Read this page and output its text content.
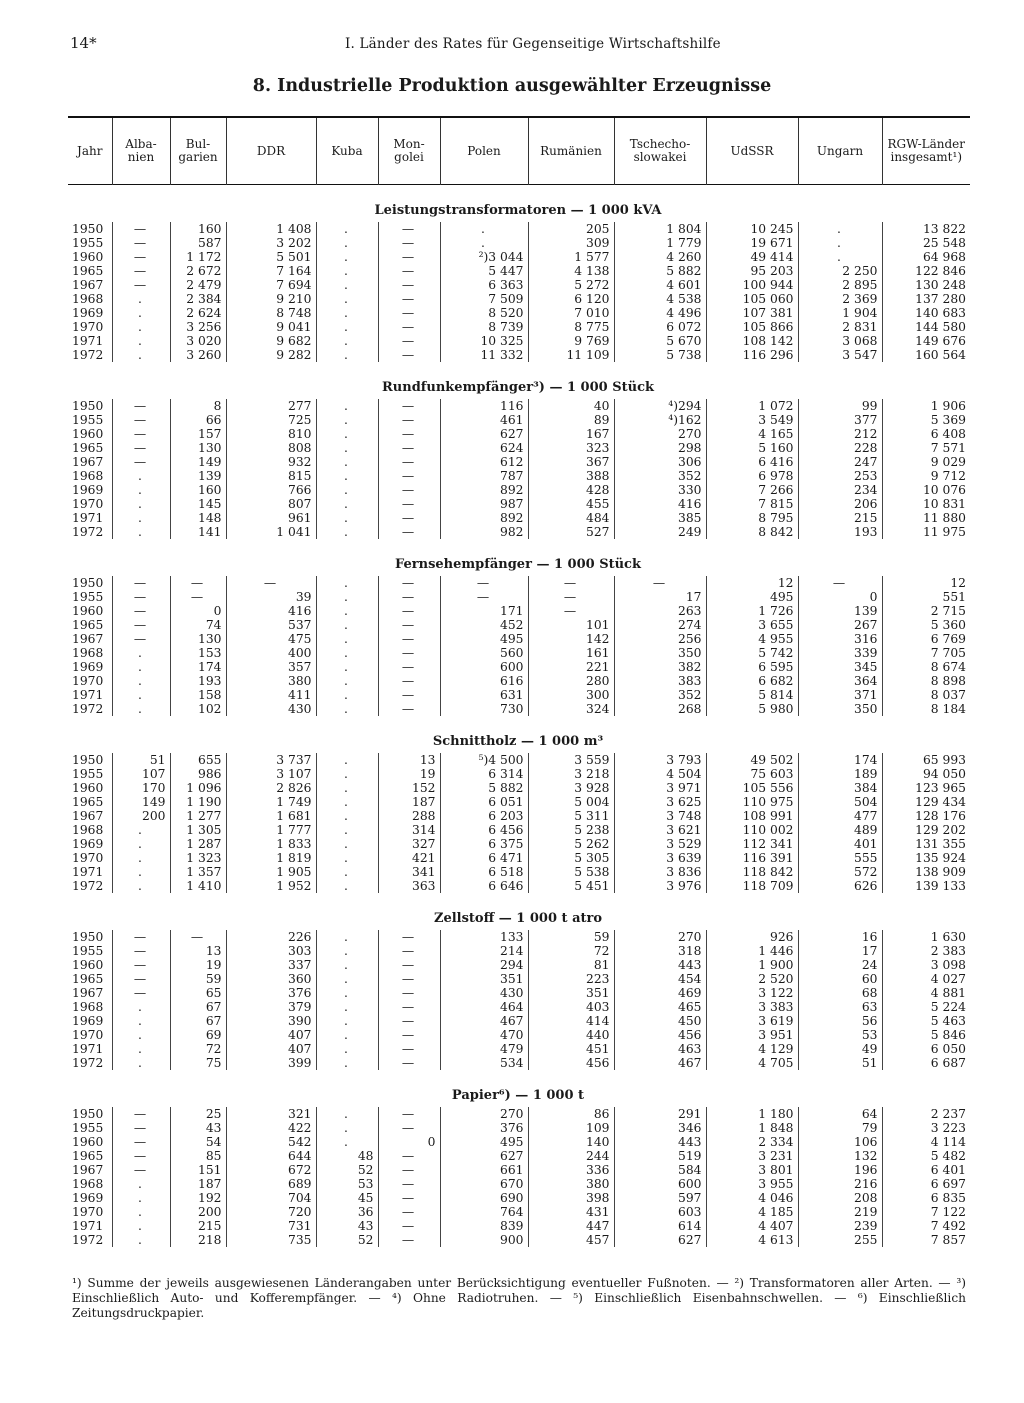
14*	I. Länder des Rates für Gegenseitige Wirtschaftshilfe
8. Industrielle Produktion ausgewählter Erzeugnisse
Jahr	Alba-nien	Bul-garien	DDR	Kuba	Mon-golei	Polen	Rumänien	Tschecho-slowakei	UdSSR	Ungarn	RGW-Länder insgesamt¹)
Leistungstransformatoren — 1 000 kVA											
1950	—	160	1 408	.	—	.	205	1 804	10 245	.	13 822
1955	—	587	3 202	.	—	.	309	1 779	19 671	.	25 548
1960	—	1 172	5 501	.	—	²)3 044	1 577	4 260	49 414	.	64 968
1965	—	2 672	7 164	.	—	5 447	4 138	5 882	95 203	2 250	122 846
1967	—	2 479	7 694	.	—	6 363	5 272	4 601	100 944	2 895	130 248
1968	.	2 384	9 210	.	—	7 509	6 120	4 538	105 060	2 369	137 280
1969	.	2 624	8 748	.	—	8 520	7 010	4 496	107 381	1 904	140 683
1970	.	3 256	9 041	.	—	8 739	8 775	6 072	105 866	2 831	144 580
1971	.	3 020	9 682	.	—	10 325	9 769	5 670	108 142	3 068	149 676
1972	.	3 260	9 282	.	—	11 332	11 109	5 738	116 296	3 547	160 564
Rundfunkempfänger³) — 1 000 Stück											
1950	—	8	277	.	—	116	40	⁴)294	1 072	99	1 906
1955	—	66	725	.	—	461	89	⁴)162	3 549	377	5 369
1960	—	157	810	.	—	627	167	270	4 165	212	6 408
1965	—	130	808	.	—	624	323	298	5 160	228	7 571
1967	—	149	932	.	—	612	367	306	6 416	247	9 029
1968	.	139	815	.	—	787	388	352	6 978	253	9 712
1969	.	160	766	.	—	892	428	330	7 266	234	10 076
1970	.	145	807	.	—	987	455	416	7 815	206	10 831
1971	.	148	961	.	—	892	484	385	8 795	215	11 880
1972	.	141	1 041	.	—	982	527	249	8 842	193	11 975
Fernsehempfänger — 1 000 Stück											
1950	—	—	—	.	—	—	—	—	12	—	12
1955	—	—	39	.	—	—	—	17	495	0	551
1960	—	0	416	.	—	171	—	263	1 726	139	2 715
1965	—	74	537	.	—	452	101	274	3 655	267	5 360
1967	—	130	475	.	—	495	142	256	4 955	316	6 769
1968	.	153	400	.	—	560	161	350	5 742	339	7 705
1969	.	174	357	.	—	600	221	382	6 595	345	8 674
1970	.	193	380	.	—	616	280	383	6 682	364	8 898
1971	.	158	411	.	—	631	300	352	5 814	371	8 037
1972	.	102	430	.	—	730	324	268	5 980	350	8 184
Schnittholz — 1 000 m³											
1950	51	655	3 737	.	13	⁵)4 500	3 559	3 793	49 502	174	65 993
1955	107	986	3 107	.	19	6 314	3 218	4 504	75 603	189	94 050
1960	170	1 096	2 826	.	152	5 882	3 928	3 971	105 556	384	123 965
1965	149	1 190	1 749	.	187	6 051	5 004	3 625	110 975	504	129 434
1967	200	1 277	1 681	.	288	6 203	5 311	3 748	108 991	477	128 176
1968	.	1 305	1 777	.	314	6 456	5 238	3 621	110 002	489	129 202
1969	.	1 287	1 833	.	327	6 375	5 262	3 529	112 341	401	131 355
1970	.	1 323	1 819	.	421	6 471	5 305	3 639	116 391	555	135 924
1971	.	1 357	1 905	.	341	6 518	5 538	3 836	118 842	572	138 909
1972	.	1 410	1 952	.	363	6 646	5 451	3 976	118 709	626	139 133
Zellstoff — 1 000 t atro											
1950	—	—	226	.	—	133	59	270	926	16	1 630
1955	—	13	303	.	—	214	72	318	1 446	17	2 383
1960	—	19	337	.	—	294	81	443	1 900	24	3 098
1965	—	59	360	.	—	351	223	454	2 520	60	4 027
1967	—	65	376	.	—	430	351	469	3 122	68	4 881
1968	.	67	379	.	—	464	403	465	3 383	63	5 224
1969	.	67	390	.	—	467	414	450	3 619	56	5 463
1970	.	69	407	.	—	470	440	456	3 951	53	5 846
1971	.	72	407	.	—	479	451	463	4 129	49	6 050
1972	.	75	399	.	—	534	456	467	4 705	51	6 687
Papier⁶) — 1 000 t											
1950	—	25	321	.	—	270	86	291	1 180	64	2 237
1955	—	43	422	.	—	376	109	346	1 848	79	3 223
1960	—	54	542	.	0	495	140	443	2 334	106	4 114
1965	—	85	644	48	—	627	244	519	3 231	132	5 482
1967	—	151	672	52	—	661	336	584	3 801	196	6 401
1968	.	187	689	53	—	670	380	600	3 955	216	6 697
1969	.	192	704	45	—	690	398	597	4 046	208	6 835
1970	.	200	720	36	—	764	431	603	4 185	219	7 122
1971	.	215	731	43	—	839	447	614	4 407	239	7 492
1972	.	218	735	52	—	900	457	627	4 613	255	7 857
¹) Summe der jeweils ausgewiesenen Länderangaben unter Berücksichtigung eventueller Fußnoten. — ²) Transformatoren aller Arten. — ³) Einschließlich Auto- und Kofferempfänger. — ⁴) Ohne Radiotruhen. — ⁵) Einschließlich Eisenbahnschwellen. — ⁶) Einschließlich Zeitungsdruckpapier.
